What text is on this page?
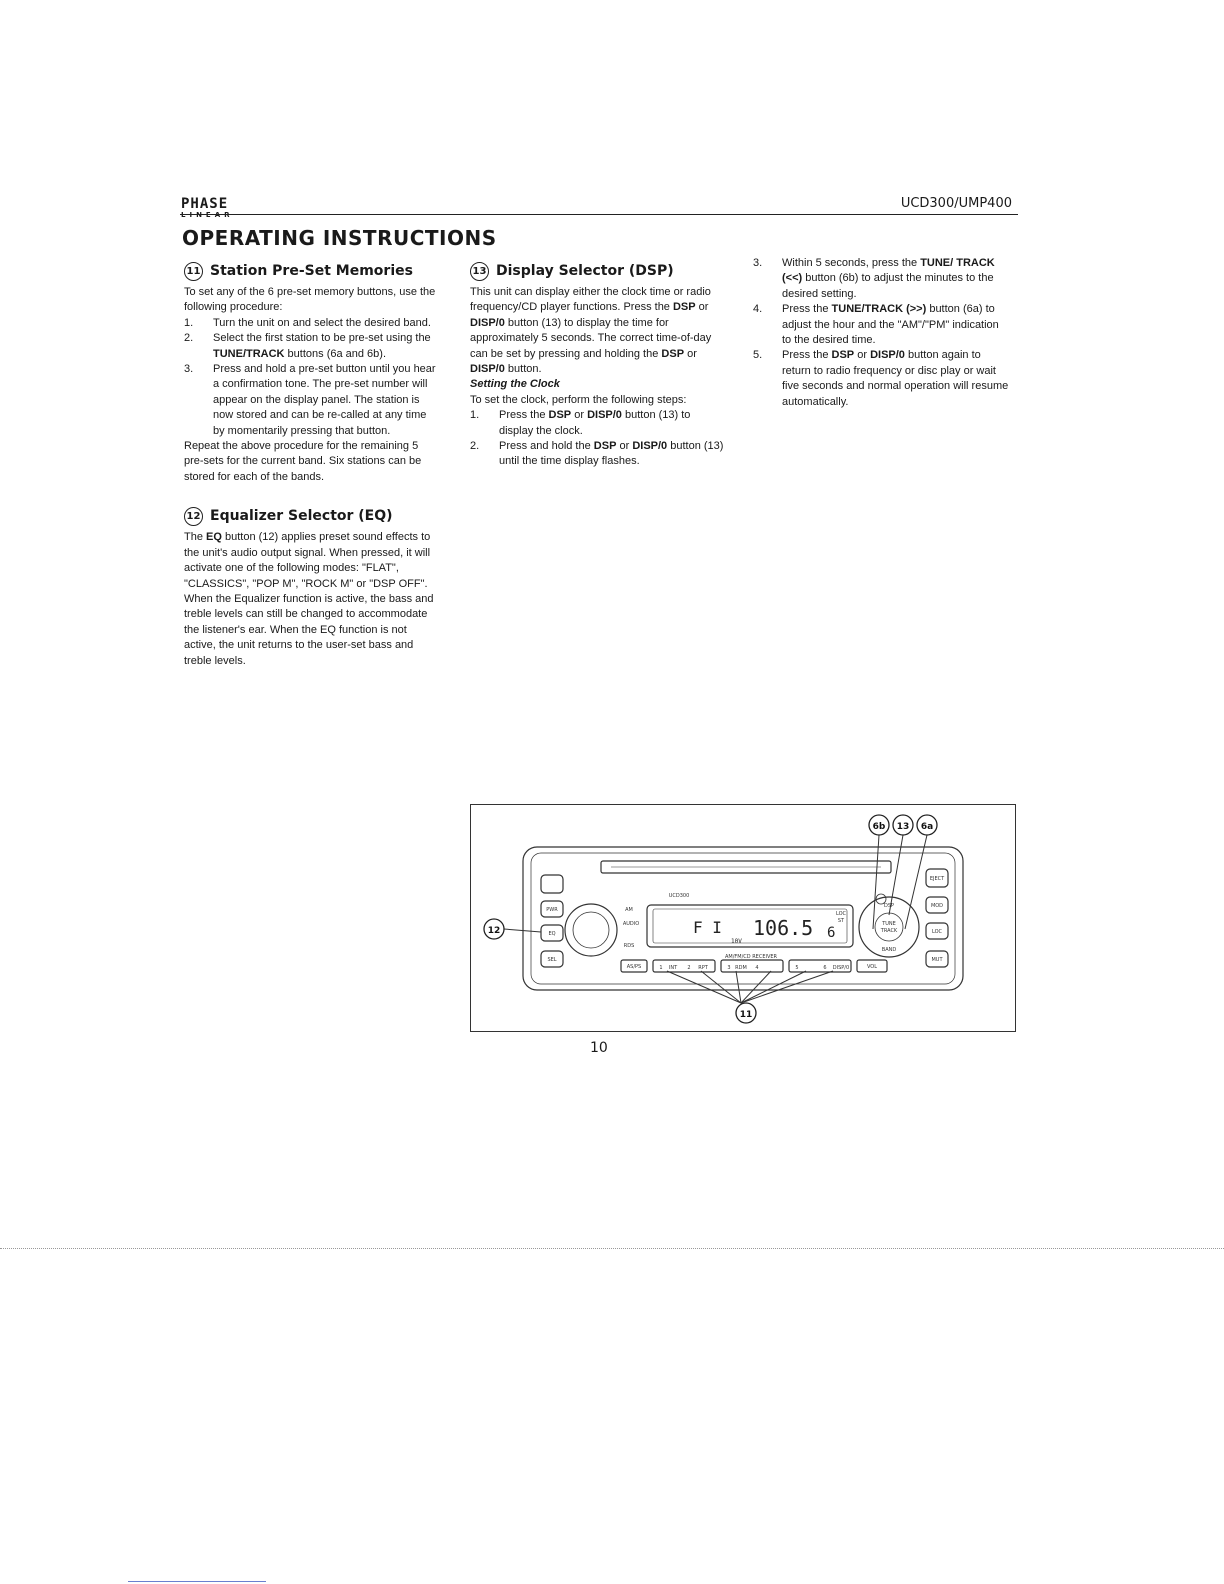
PHASE
LINEAR
UCD300/UMP400
OPERATING INSTRUCTIONS
11 Station Pre-Set Memories

To set any of the 6 pre-set memory buttons, use the following procedure:

1.	Turn the unit on and select the desired band.
2.	Select the first station to be pre-set using the TUNE/TRACK buttons (6a and 6b).
3.	Press and hold a pre-set button until you hear a confirmation tone. The pre-set number will appear on the display panel. The station is now stored and can be re-called at any time by momentarily pressing that button.

Repeat the above procedure for the remaining 5 pre-sets for the current band. Six stations can be stored for each of the bands.

12 Equalizer Selector (EQ)

The EQ button (12) applies preset sound effects to the unit's audio output signal. When pressed, it will activate one of the following modes: "FLAT", "CLASSICS", "POP M", "ROCK M" or "DSP OFF". When the Equalizer function is active, the bass and treble levels can still be changed to accommodate the listener's ear. When the EQ function is not active, the unit returns to the user-set bass and treble levels.

13 Display Selector (DSP)

This unit can display either the clock time or radio frequency/CD player functions. Press the DSP or DISP/0 button (13) to display the time for approximately 5 seconds. The correct time-of-day can be set by pressing and holding the DSP or DISP/0 button.

Setting the Clock

To set the clock, perform the following steps:

1.	Press the DSP or DISP/0 button (13) to display the clock.
2.	Press and hold the DSP or DISP/0 button (13) until the time display flashes.
3.	Within 5 seconds, press the TUNE/ TRACK (<<) button (6b) to adjust the minutes to the desired setting.
4.	Press the TUNE/TRACK (>>) button (6a) to adjust the hour and the "AM"/"PM" indication to the desired time.
5.	Press the DSP or DISP/0 button again to return to radio frequency or disc play or wait five seconds and normal operation will resume automatically.
6b 13 6a
12
11
F I 106.5 6
10V
UCD300
AM/FM/CD RECEIVER
EJECT
MOD
LOC
MUT
PWR
EQ
SEL
AS/PS	VOL
DSP
TUNE
TRACK
BAND
AM
AUDIO
RDS
LOC
ST
1	2	3	4	5	6
INT	RPT	RDM	DISP/0
10
